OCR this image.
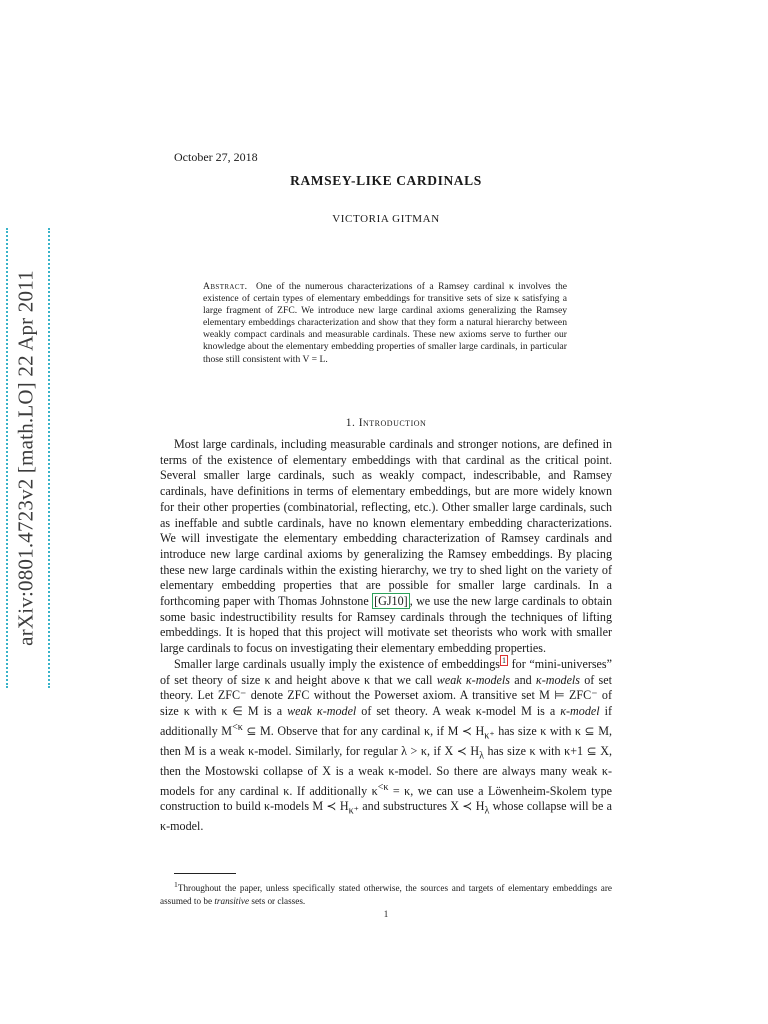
arXiv:0801.4723v2 [math.LO] 22 Apr 2011
October 27, 2018
RAMSEY-LIKE CARDINALS
VICTORIA GITMAN
Abstract. One of the numerous characterizations of a Ramsey cardinal κ involves the existence of certain types of elementary embeddings for transitive sets of size κ satisfying a large fragment of ZFC. We introduce new large cardinal axioms generalizing the Ramsey elementary embeddings characterization and show that they form a natural hierarchy between weakly compact cardinals and measurable cardinals. These new axioms serve to further our knowledge about the elementary embedding properties of smaller large cardinals, in particular those still consistent with V = L.
1. Introduction

Most large cardinals, including measurable cardinals and stronger notions, are defined in terms of the existence of elementary embeddings with that cardinal as the critical point. Several smaller large cardinals, such as weakly compact, indescribable, and Ramsey cardinals, have definitions in terms of elementary embeddings, but are more widely known for their other properties (combinatorial, reflecting, etc.). Other smaller large cardinals, such as ineffable and subtle cardinals, have no known elementary embedding characterizations. We will investigate the elementary embedding characterization of Ramsey cardinals and introduce new large cardinal axioms by generalizing the Ramsey embeddings. By placing these new large cardinals within the existing hierarchy, we try to shed light on the variety of elementary embedding properties that are possible for smaller large cardinals. In a forthcoming paper with Thomas Johnstone [GJ10] , we use the new large cardinals to obtain some basic indestructibility results for Ramsey cardinals through the techniques of lifting embeddings. It is hoped that this project will motivate set theorists who work with smaller large cardinals to focus on investigating their elementary embedding properties.

Smaller large cardinals usually imply the existence of embeddings $^1$ for “mini-universes” of set theory of size κ and height above κ that we call weak κ-models and κ-models of set theory. Let ZFC⁻ denote ZFC without the Powerset axiom. A transitive set M ⊨ ZFC⁻ of size κ with κ ∈ M is a weak κ-model of set theory. A weak κ-model M is a κ-model if additionally $M^{<\kappa}$ ⊆ M. Observe that for any cardinal κ, if M ≺ $H_{\kappa^+}$ has size κ with κ ⊆ M, then M is a weak κ-model. Similarly, for regular λ > κ, if X ≺ $H_\lambda$ has size κ with κ+1 ⊆ X, then the Mostowski collapse of X is a weak κ-model. So there are always many weak κ-models for any cardinal κ. If additionally $\kappa^{<\kappa} = \kappa$, we can use a Löwenheim-Skolem type construction to build κ-models M ≺ $H_{\kappa^+}$ and substructures X ≺ $H_\lambda$ whose collapse will be a κ-model.

$^1$Throughout the paper, unless specifically stated otherwise, the sources and targets of elementary embeddings are assumed to be transitive sets or classes.
1
